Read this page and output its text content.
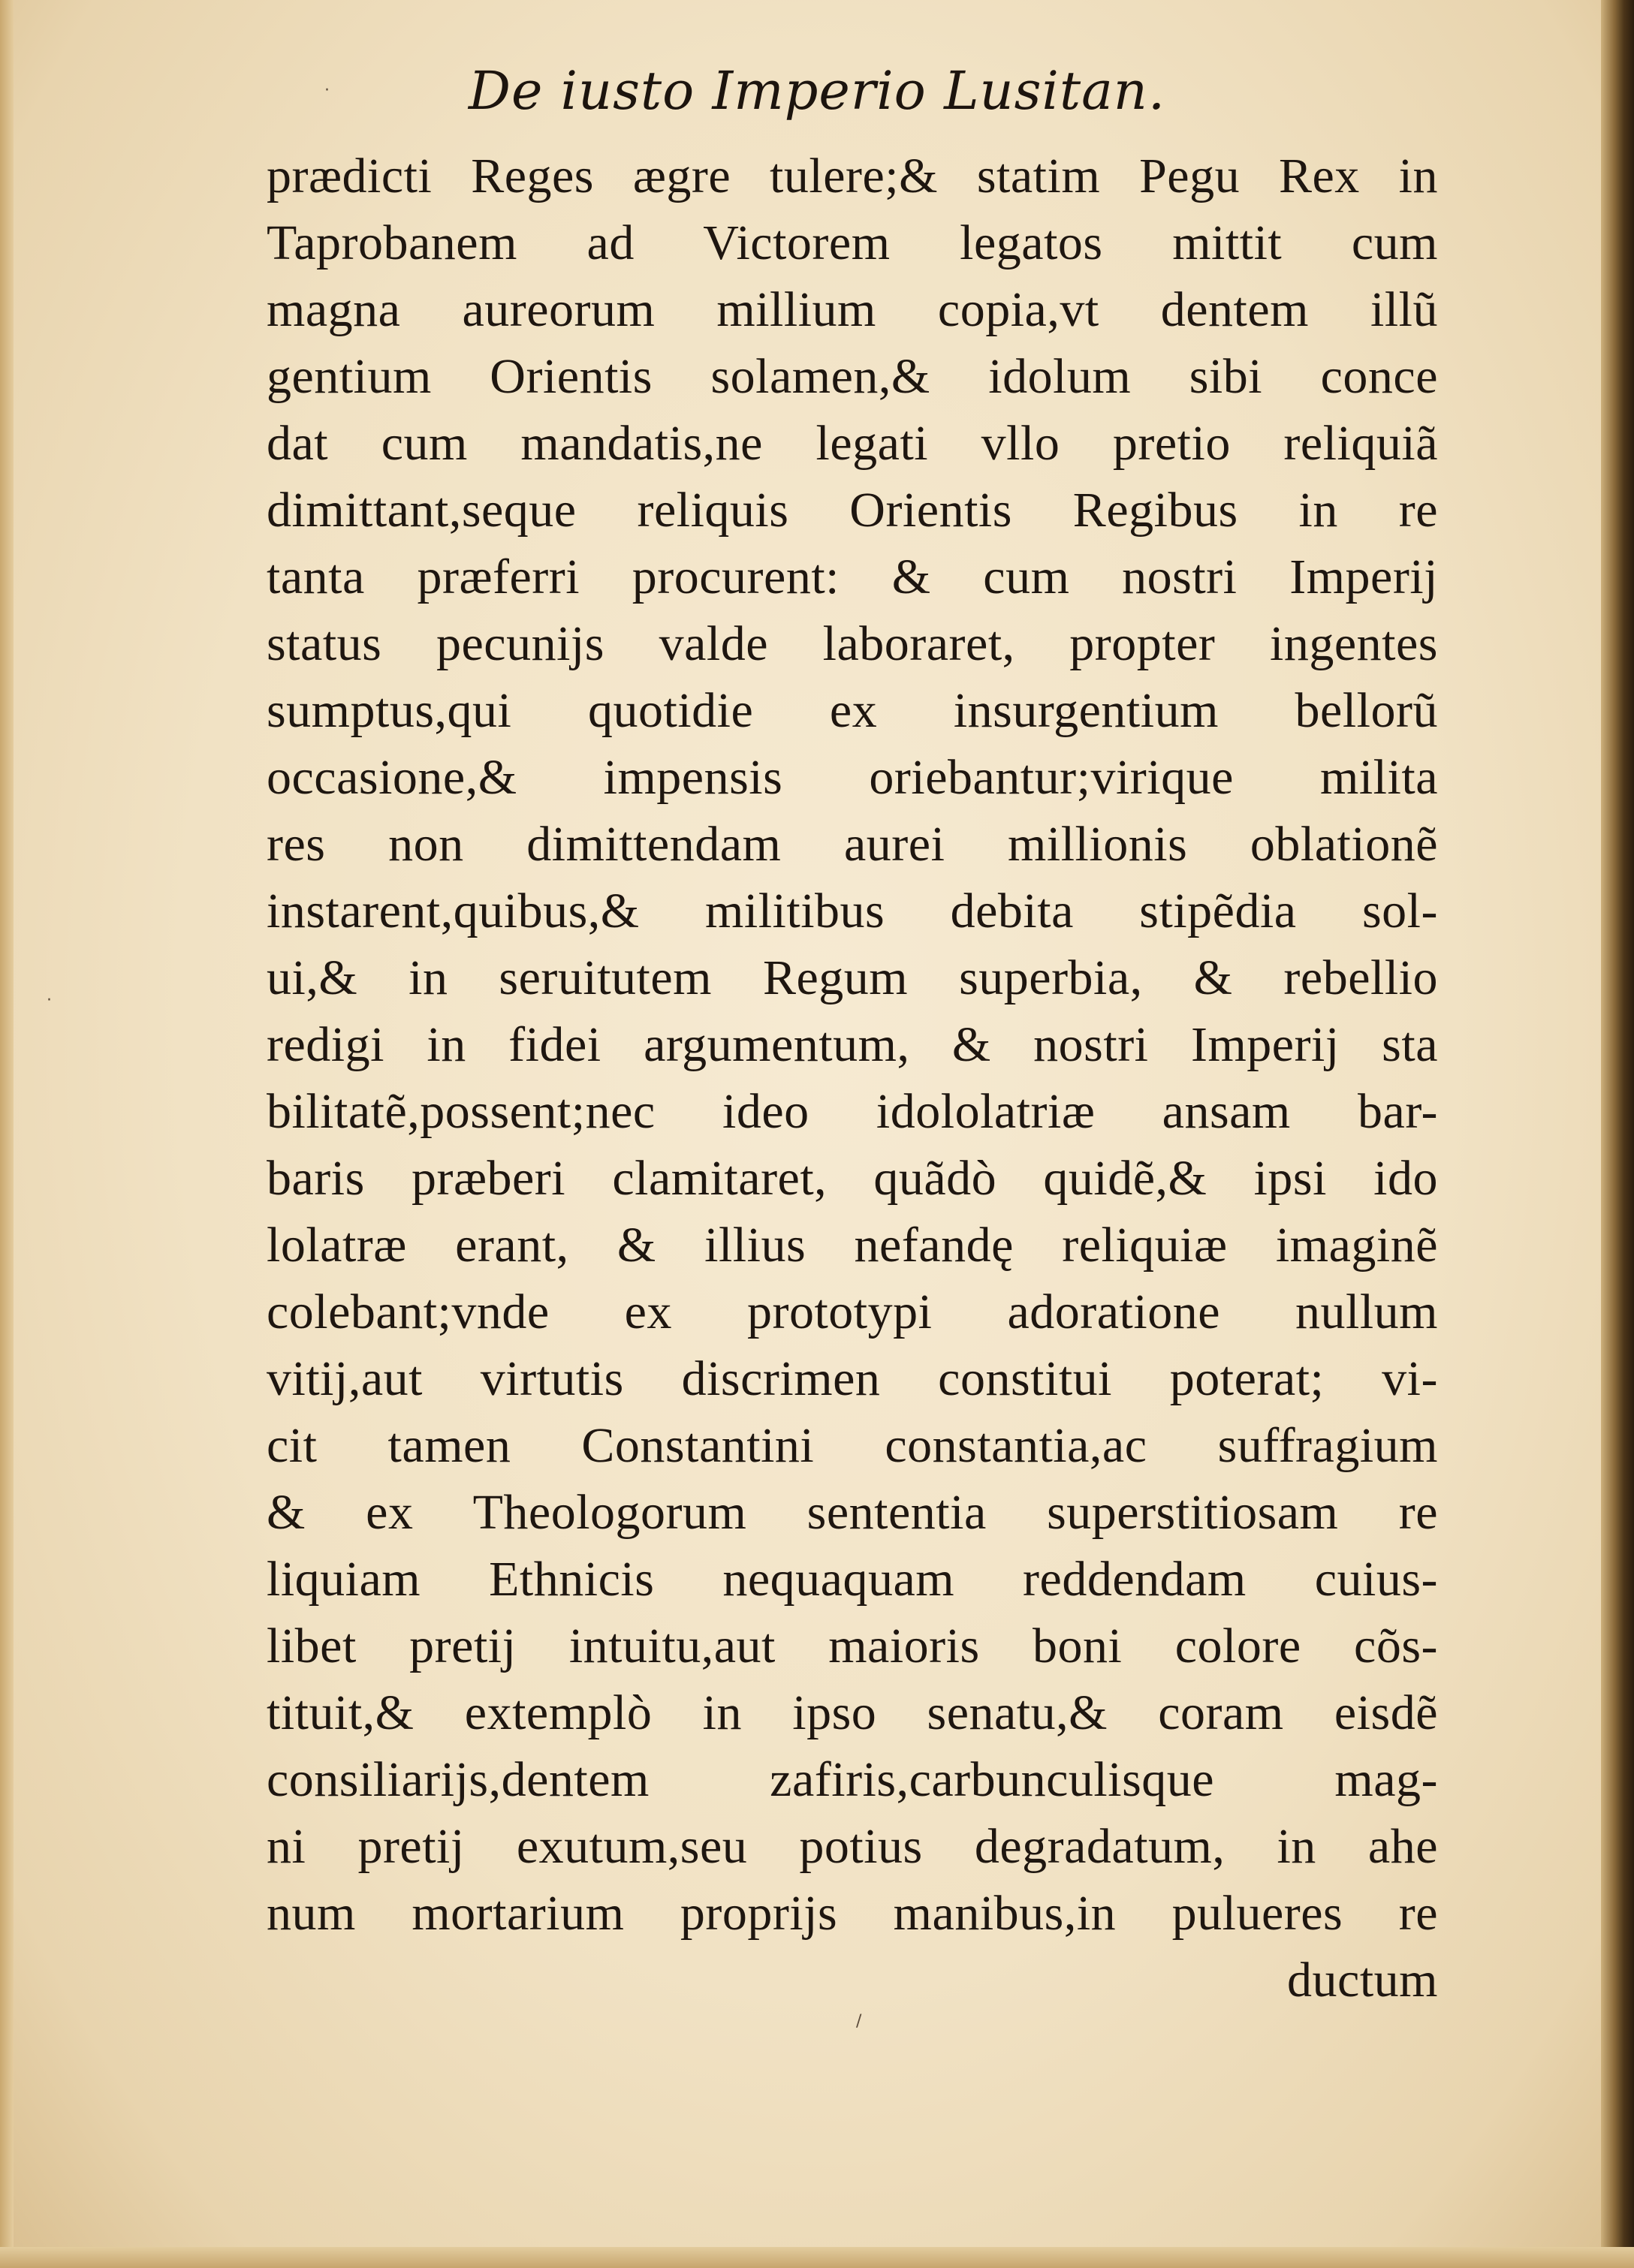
De iusto Imperio Lusitan.
prædicti Reges ægre tulere;& statim Pegu Rex in
Taprobanem ad Victorem legatos mittit cum
magna aureorum millium copia,vt dentem illũ
gentium Orientis solamen,& idolum sibi conce
dat cum mandatis,ne legati vllo pretio reliquiã
dimittant,seque reliquis Orientis Regibus in re
tanta præferri procurent: & cum nostri Imperij
status pecunijs valde laboraret, propter ingentes
sumptus,qui quotidie ex insurgentium bellorũ
occasione,& impensis oriebantur;virique milita
res non dimittendam aurei millionis oblationẽ
instarent,quibus,& militibus debita stipẽdia sol-
ui,& in seruitutem Regum superbia, & rebellio
redigi in fidei argumentum, & nostri Imperij sta
bilitatẽ,possent;nec ideo idololatriæ ansam bar-
baris præberi clamitaret, quãdò quidẽ,& ipsi ido
lolatræ erant, & illius nefandę reliquiæ imaginẽ
colebant;vnde ex prototypi adoratione nullum
vitij,aut virtutis discrimen constitui poterat; vi-
cit tamen Constantini constantia,ac suffragium
& ex Theologorum sententia superstitiosam re
liquiam Ethnicis nequaquam reddendam cuius-
libet pretij intuitu,aut maioris boni colore cõs-
tituit,& extemplò in ipso senatu,& coram eisdẽ
consiliarijs,dentem zafiris,carbunculisque mag-
ni pretij exutum,seu potius degradatum, in ahe
num mortarium proprijs manibus,in pulueres re
ductum
·
/
·
